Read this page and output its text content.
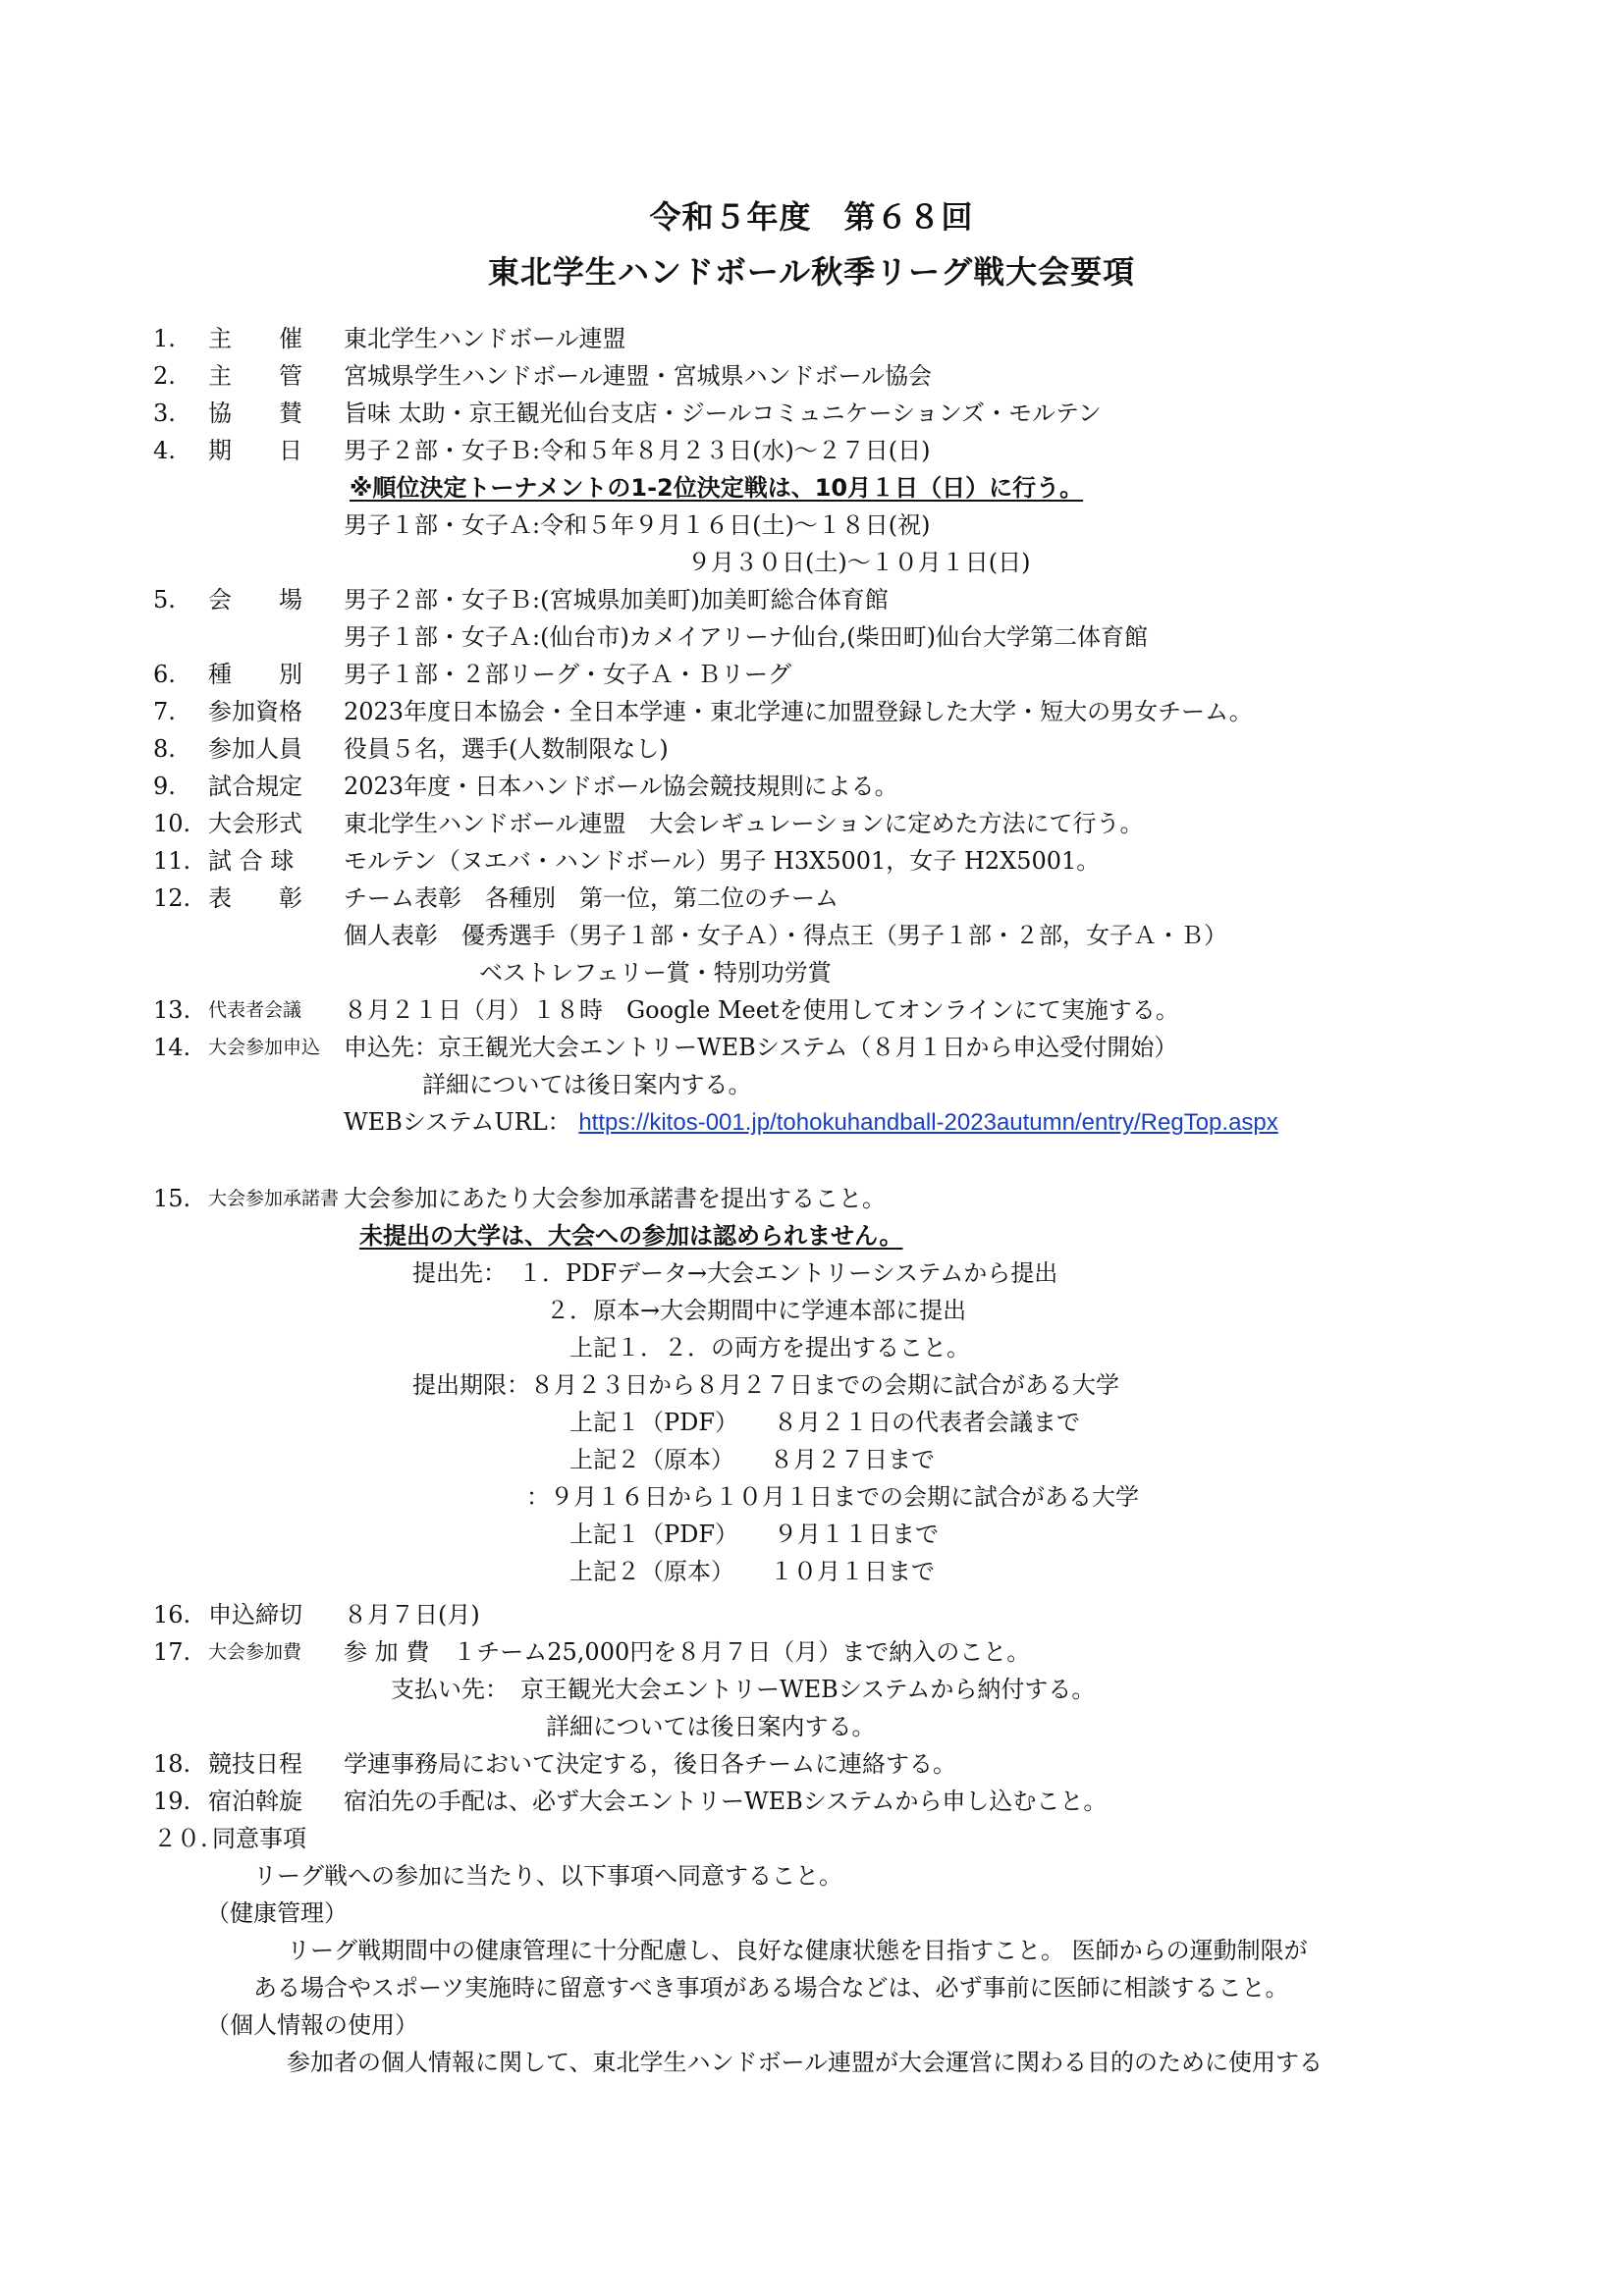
令和５年度　第６８回
東北学生ハンドボール秋季リーグ戦大会要項
1. 主　　催 東北学生ハンドボール連盟
2. 主　　管 宮城県学生ハンドボール連盟・宮城県ハンドボール協会
3. 協　　賛 旨味 太助・京王観光仙台支店・ジールコミュニケーションズ・モルテン
4. 期　　日 男子２部・女子Ｂ:令和５年８月２３日(水)～２７日(日)
※順位決定トーナメントの1-2位決定戦は、10月１日（日）に行う。
男子１部・女子Ａ:令和５年９月１６日(土)～１８日(祝)
９月３０日(土)～１０月１日(日)
5. 会　　場 男子２部・女子Ｂ:(宮城県加美町)加美町総合体育館
男子１部・女子Ａ:(仙台市)カメイアリーナ仙台,(柴田町)仙台大学第二体育館
6. 種　　別 男子１部・２部リーグ・女子Ａ・Ｂリーグ
7. 参加資格 2023年度日本協会・全日本学連・東北学連に加盟登録した大学・短大の男女チーム。
8. 参加人員 役員５名，選手(人数制限なし)
9. 試合規定 2023年度・日本ハンドボール協会競技規則による。
10. 大会形式 東北学生ハンドボール連盟　大会レギュレーションに定めた方法にて行う。
11. 試 合 球 モルテン（ヌエバ・ハンドボール）男子 H3X5001，女子 H2X5001。
12. 表　　彰 チーム表彰　各種別　第一位，第二位のチーム
個人表彰　優秀選手（男子１部・女子Ａ）・得点王（男子１部・２部，女子Ａ・Ｂ）
ベストレフェリー賞・特別功労賞
13. 代表者会議 ８月２１日（月）１８時　Google Meetを使用してオンラインにて実施する。
14. 大会参加申込 申込先：京王観光大会エントリーWEBシステム（８月１日から申込受付開始）
詳細については後日案内する。
WEBシステムURL： https://kitos-001.jp/tohokuhandball-2023autumn/entry/RegTop.aspx
15. 大会参加承諾書 大会参加にあたり大会参加承諾書を提出すること。
未提出の大学は、大会への参加は認められません。
提出先：　１．PDFデータ→大会エントリーシステムから提出
２．原本→大会期間中に学連本部に提出
上記１．２．の両方を提出すること。
提出期限：８月２３日から８月２７日までの会期に試合がある大学
上記１（PDF）　　８月２１日の代表者会議まで
上記２（原本）　　８月２７日まで
：９月１６日から１０月１日までの会期に試合がある大学
上記１（PDF）　　９月１１日まで
上記２（原本）　　１０月１日まで
16. 申込締切 ８月７日(月)
17. 大会参加費 参 加 費　１チーム25,000円を８月７日（月）まで納入のこと。
支払い先：　京王観光大会エントリーWEBシステムから納付する。
詳細については後日案内する。
18. 競技日程 学連事務局において決定する，後日各チームに連絡する。
19. 宿泊斡旋 宿泊先の手配は、必ず大会エントリーWEBシステムから申し込むこと。
２０. 同意事項
リーグ戦への参加に当たり、以下事項へ同意すること。
（健康管理）
リーグ戦期間中の健康管理に十分配慮し、良好な健康状態を目指すこと。 医師からの運動制限が
ある場合やスポーツ実施時に留意すべき事項がある場合などは、必ず事前に医師に相談すること。
（個人情報の使用）
参加者の個人情報に関して、東北学生ハンドボール連盟が大会運営に関わる目的のために使用する
